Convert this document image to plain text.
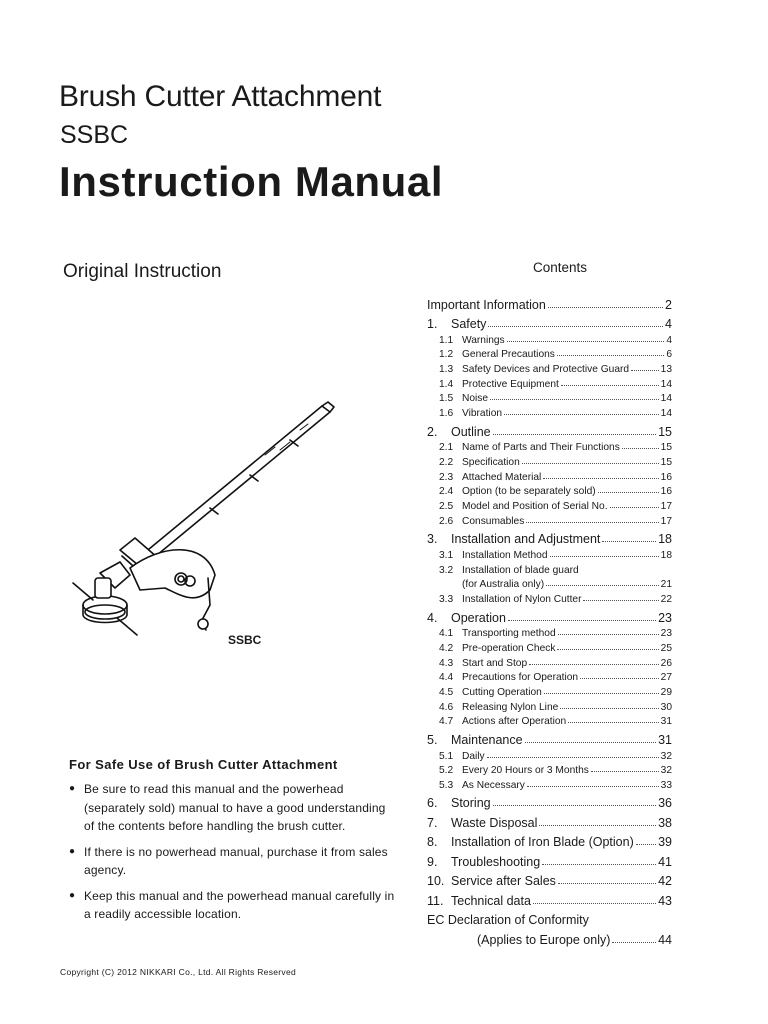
Brush Cutter Attachment
SSBC
Instruction Manual
Original Instruction
SSBC
Contents
Important Information	2
1. Safety	4
1.1 Warnings	4
1.2 General Precautions	6
1.3 Safety Devices and Protective Guard	13
1.4 Protective Equipment	14
1.5 Noise	14
1.6 Vibration	14
2. Outline	15
2.1 Name of Parts and Their Functions	15
2.2 Specification	15
2.3 Attached Material	16
2.4 Option (to be separately sold)	16
2.5 Model and Position of Serial No.	17
2.6 Consumables	17
3. Installation and Adjustment	18
3.1 Installation Method	18
3.2 Installation of blade guard
(for Australia only)	21
3.3 Installation of Nylon Cutter	22
4. Operation	23
4.1 Transporting method	23
4.2 Pre-operation Check	25
4.3 Start and Stop	26
4.4 Precautions for Operation	27
4.5 Cutting Operation	29
4.6 Releasing Nylon Line	30
4.7 Actions after Operation	31
5. Maintenance	31
5.1 Daily	32
5.2 Every 20 Hours or 3 Months	32
5.3 As Necessary	33
6. Storing	36
7. Waste Disposal	38
8. Installation of Iron Blade (Option) 39
9. Troubleshooting	41
10. Service after Sales	42
11. Technical data	43
EC Declaration of Conformity
(Applies to Europe only)	44
For Safe Use of Brush Cutter Attachment
● Be sure to read this manual and the powerhead (separately sold) manual to have a good understanding of the contents before handling the brush cutter.
● If there is no powerhead manual, purchase it from sales agency.
● Keep this manual and the powerhead manual carefully in a readily accessible location.
Copyright (C) 2012 NIKKARI Co., Ltd. All Rights Reserved
